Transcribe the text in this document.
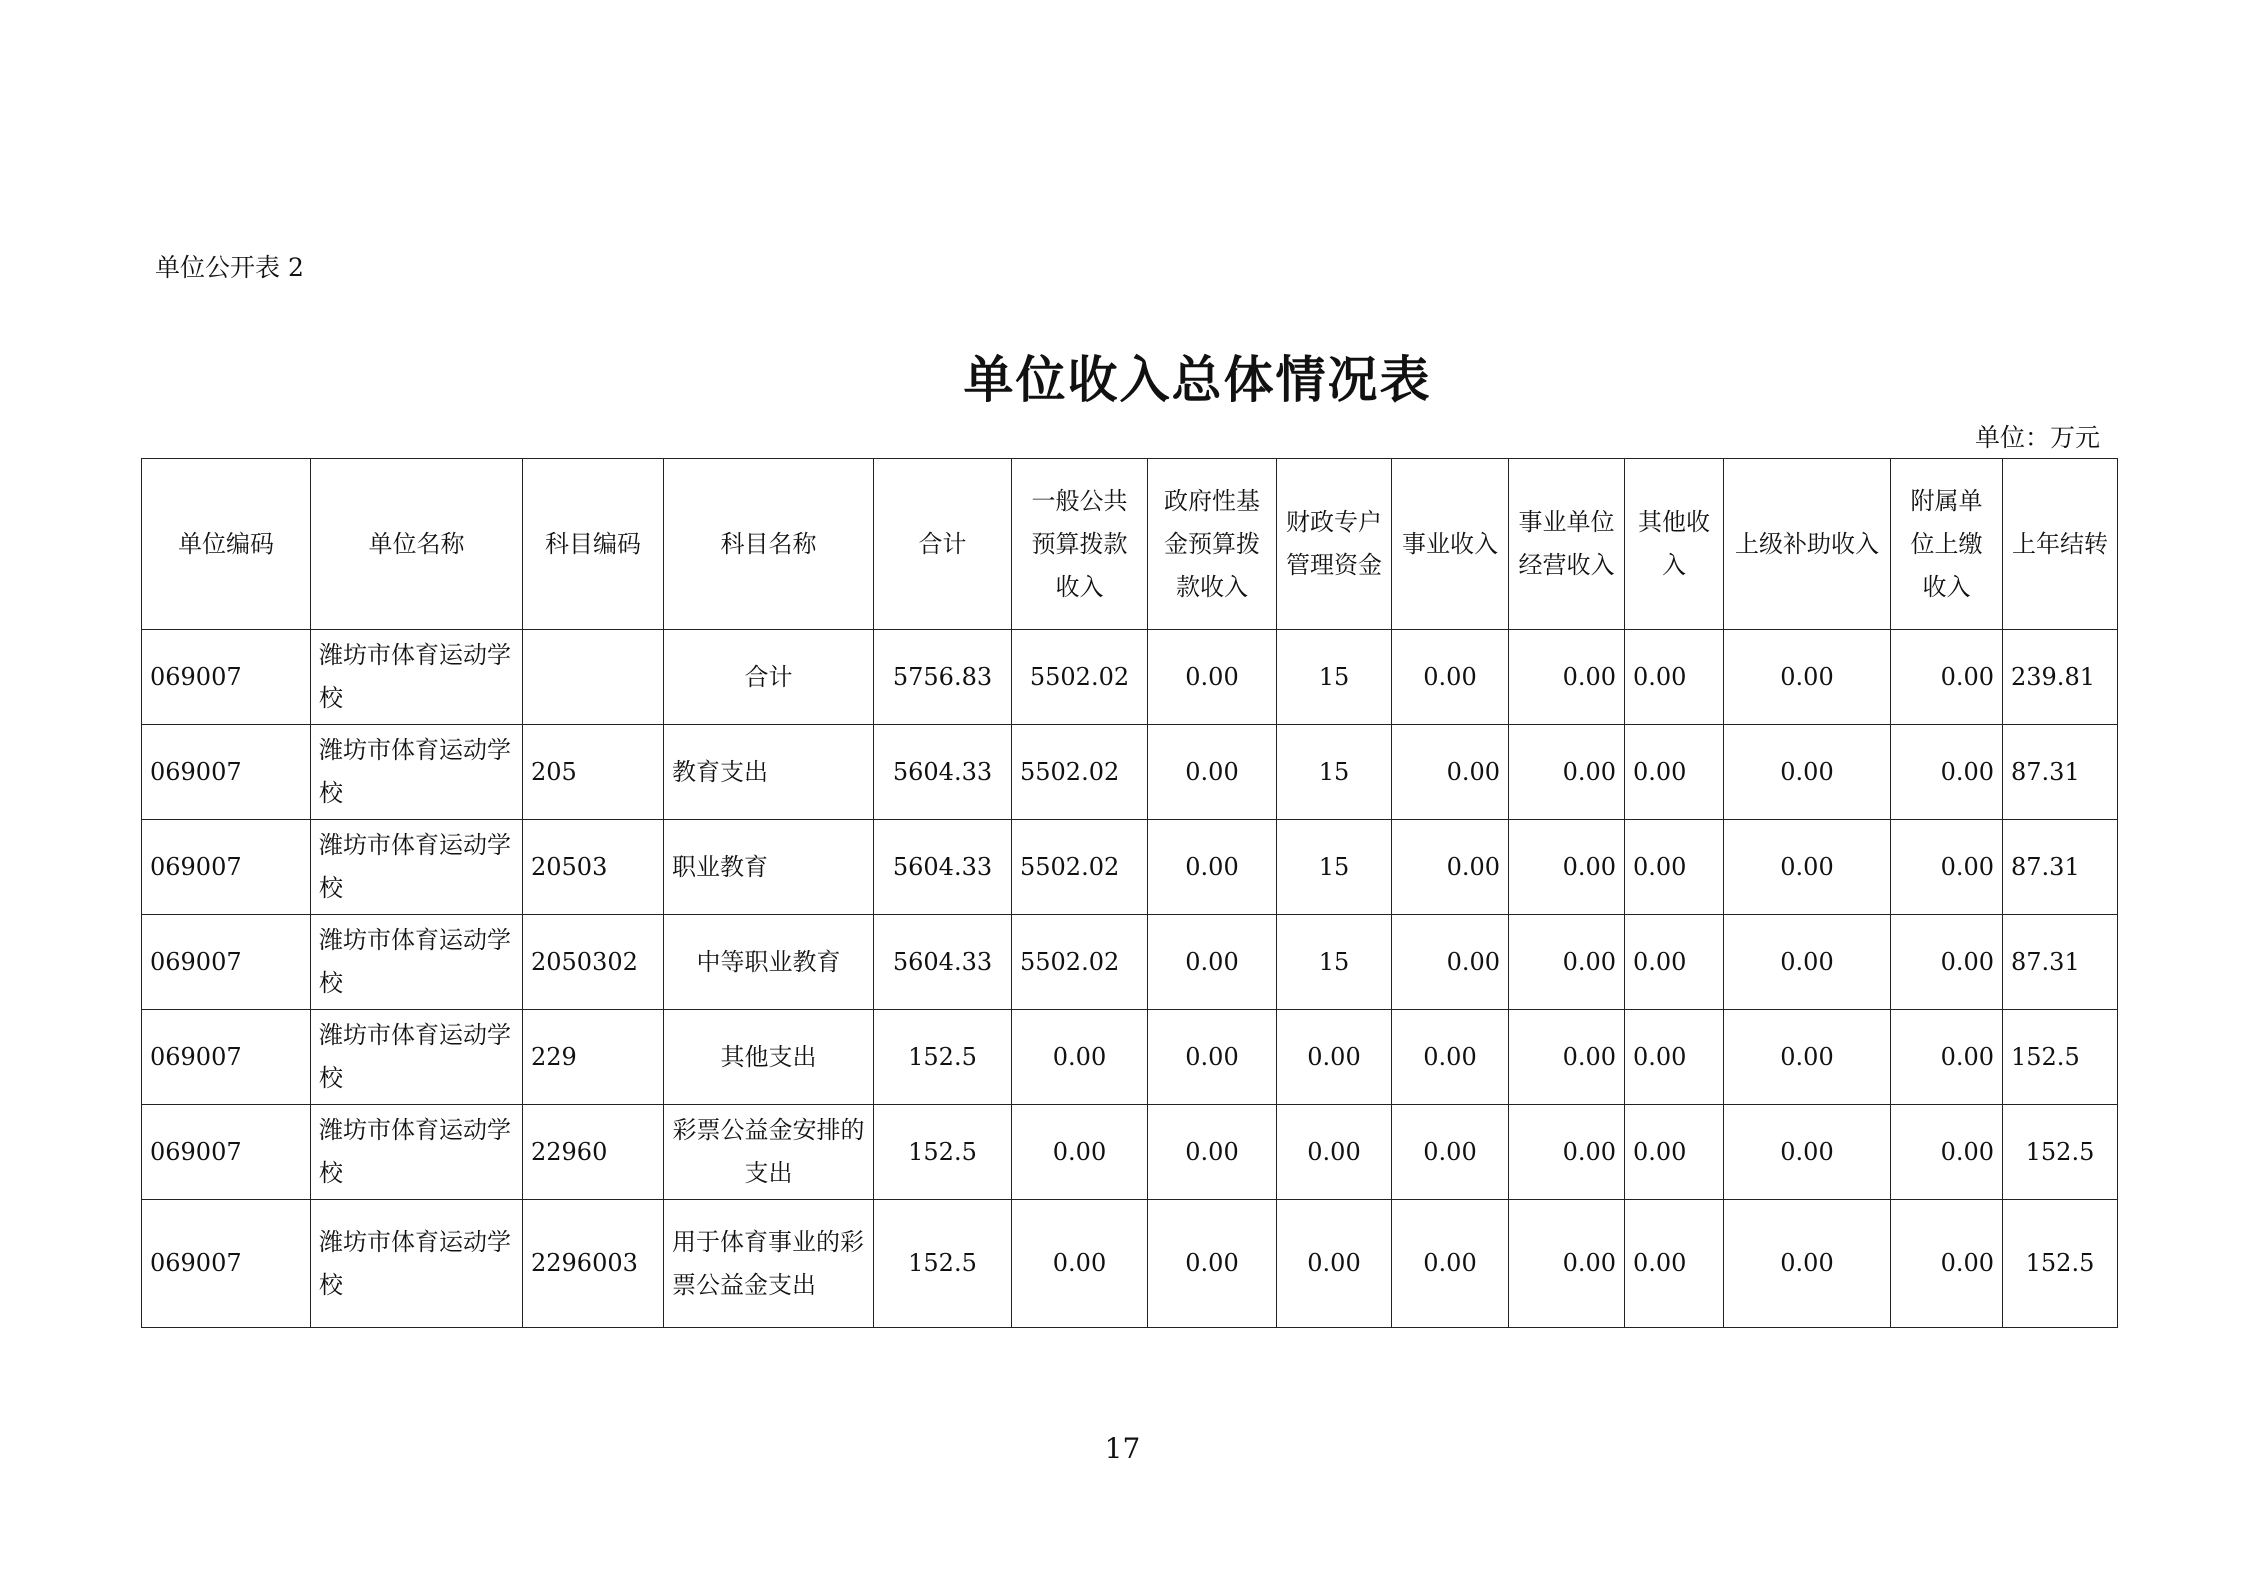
单位公开表 2
单位收入总体情况表
单位：万元
单位编码	单位名称	科目编码	科目名称	合计	一般公共预算拨款收入	政府性基金预算拨款收入	财政专户管理资金	事业收入	事业单位经营收入	其他收入	上级补助收入	附属单位上缴收入	上年结转
069007	潍坊市体育运动学校		合计	5756.83	5502.02	0.00	15	0.00	0.00	0.00	0.00	0.00	239.81
069007	潍坊市体育运动学校	205	教育支出	5604.33	5502.02	0.00	15	0.00	0.00	0.00	0.00	0.00	87.31
069007	潍坊市体育运动学校	20503	职业教育	5604.33	5502.02	0.00	15	0.00	0.00	0.00	0.00	0.00	87.31
069007	潍坊市体育运动学校	2050302	中等职业教育	5604.33	5502.02	0.00	15	0.00	0.00	0.00	0.00	0.00	87.31
069007	潍坊市体育运动学校	229	其他支出	152.5	0.00	0.00	0.00	0.00	0.00	0.00	0.00	0.00	152.5
069007	潍坊市体育运动学校	22960	彩票公益金安排的支出	152.5	0.00	0.00	0.00	0.00	0.00	0.00	0.00	0.00	152.5
069007	潍坊市体育运动学校	2296003	用于体育事业的彩票公益金支出	152.5	0.00	0.00	0.00	0.00	0.00	0.00	0.00	0.00	152.5
17
